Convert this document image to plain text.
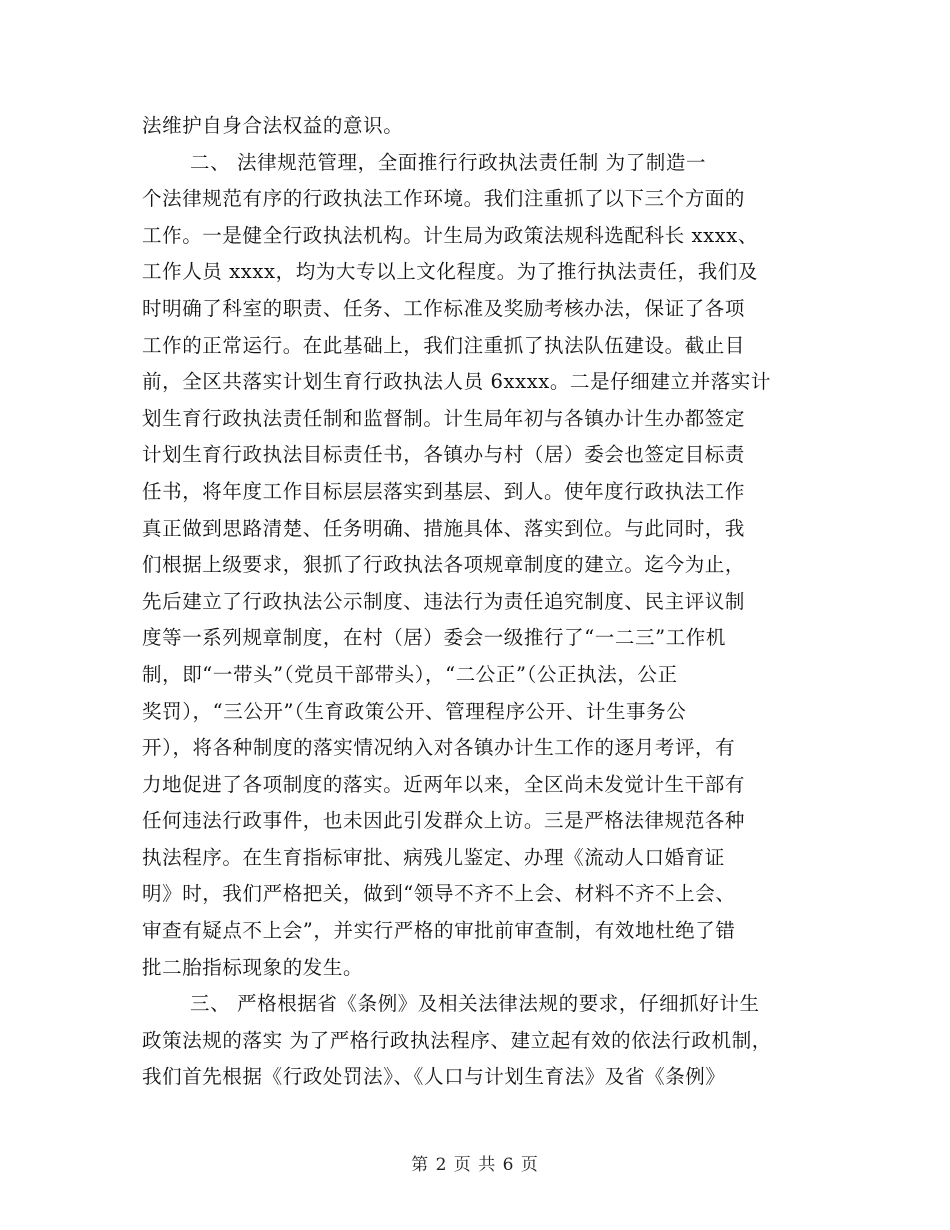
法维护自身合法权益的意识。
二、 法律规范管理，全面推行行政执法责任制 为了制造一
个法律规范有序的行政执法工作环境。我们注重抓了以下三个方面的
工作。一是健全行政执法机构。计生局为政策法规科选配科长 xxxx、
工作人员 xxxx，均为大专以上文化程度。为了推行执法责任，我们及
时明确了科室的职责、任务、工作标准及奖励考核办法，保证了各项
工作的正常运行。在此基础上，我们注重抓了执法队伍建设。截止目
前，全区共落实计划生育行政执法人员 6xxxx。二是仔细建立并落实计
划生育行政执法责任制和监督制。计生局年初与各镇办计生办都签定
计划生育行政执法目标责任书，各镇办与村（居）委会也签定目标责
任书，将年度工作目标层层落实到基层、到人。使年度行政执法工作
真正做到思路清楚、任务明确、措施具体、落实到位。与此同时，我
们根据上级要求，狠抓了行政执法各项规章制度的建立。迄今为止，
先后建立了行政执法公示制度、违法行为责任追究制度、民主评议制
度等一系列规章制度，在村（居）委会一级推行了“一二三”工作机
制，即“一带头”（党员干部带头），“二公正”（公正执法，公正
奖罚），“三公开”（生育政策公开、管理程序公开、计生事务公
开），将各种制度的落实情况纳入对各镇办计生工作的逐月考评，有
力地促进了各项制度的落实。近两年以来，全区尚未发觉计生干部有
任何违法行政事件，也未因此引发群众上访。三是严格法律规范各种
执法程序。在生育指标审批、病残儿鉴定、办理《流动人口婚育证
明》时，我们严格把关，做到“领导不齐不上会、材料不齐不上会、
审查有疑点不上会”，并实行严格的审批前审查制，有效地杜绝了错
批二胎指标现象的发生。
三、 严格根据省《条例》及相关法律法规的要求，仔细抓好计生
政策法规的落实 为了严格行政执法程序、建立起有效的依法行政机制，
我们首先根据《行政处罚法》、《人口与计划生育法》及省《条例》
第 2 页 共 6 页
